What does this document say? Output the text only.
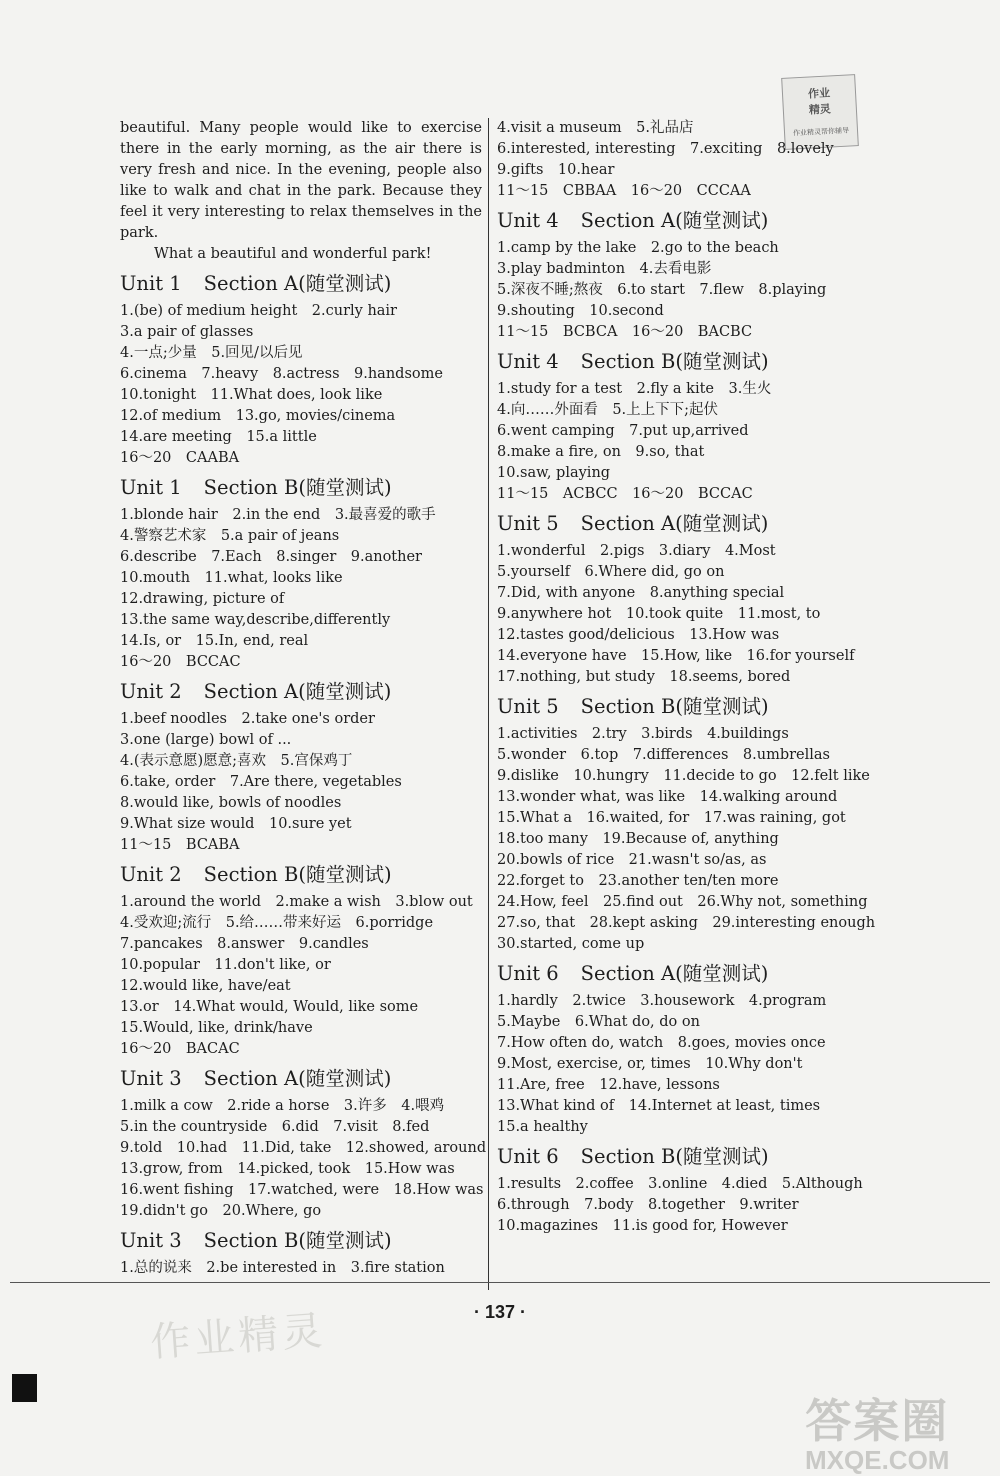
作业
精灵
作业精灵帮你辅导

beautiful. Many people would like to exercise there in the early morning, as the air there is very fresh and nice. In the evening, people also like to walk and chat in the park. Because they feel it very interesting to relax themselves in the park.
What a beautiful and wonderful park!

Unit 1 Section A(随堂测试)

1.(be) of medium height　2.curly hair

3.a pair of glasses

4.一点;少量　5.回见/以后见

6.cinema　7.heavy　8.actress　9.handsome

10.tonight　11.What does, look like

12.of medium　13.go, movies/cinema

14.are meeting　15.a little

16～20　CAABA

Unit 1 Section B(随堂测试)

1.blonde hair　2.in the end　3.最喜爱的歌手

4.警察艺术家　5.a pair of jeans

6.describe　7.Each　8.singer　9.another

10.mouth　11.what, looks like

12.drawing, picture of

13.the same way,describe,differently

14.Is, or　15.In, end, real

16～20　BCCAC

Unit 2 Section A(随堂测试)

1.beef noodles　2.take one's order

3.one (large) bowl of ...

4.(表示意愿)愿意;喜欢　5.宫保鸡丁

6.take, order　7.Are there, vegetables

8.would like, bowls of noodles

9.What size would　10.sure yet

11～15　BCABA

Unit 2 Section B(随堂测试)

1.around the world　2.make a wish　3.blow out

4.受欢迎;流行　5.给……带来好运　6.porridge

7.pancakes　8.answer　9.candles

10.popular　11.don't like, or

12.would like, have/eat

13.or　14.What would, Would, like some

15.Would, like, drink/have

16～20　BACAC

Unit 3 Section A(随堂测试)

1.milk a cow　2.ride a horse　3.许多　4.喂鸡

5.in the countryside　6.did　7.visit　8.fed

9.told　10.had　11.Did, take　12.showed, around

13.grow, from　14.picked, took　15.How was

16.went fishing　17.watched, were　18.How was

19.didn't go　20.Where, go

Unit 3 Section B(随堂测试)

1.总的说来　2.be interested in　3.fire station

4.visit a museum　5.礼品店

6.interested, interesting　7.exciting　8.lovely

9.gifts　10.hear

11～15　CBBAA　16～20　CCCAA

Unit 4 Section A(随堂测试)

1.camp by the lake　2.go to the beach

3.play badminton　4.去看电影

5.深夜不睡;熬夜　6.to start　7.flew　8.playing

9.shouting　10.second

11～15　BCBCA　16～20　BACBC

Unit 4 Section B(随堂测试)

1.study for a test　2.fly a kite　3.生火

4.向……外面看　5.上上下下;起伏

6.went camping　7.put up,arrived

8.make a fire, on　9.so, that

10.saw, playing

11～15　ACBCC　16～20　BCCAC

Unit 5 Section A(随堂测试)

1.wonderful　2.pigs　3.diary　4.Most

5.yourself　6.Where did, go on

7.Did, with anyone　8.anything special

9.anywhere hot　10.took quite　11.most, to

12.tastes good/delicious　13.How was

14.everyone have　15.How, like　16.for yourself

17.nothing, but study　18.seems, bored

Unit 5 Section B(随堂测试)

1.activities　2.try　3.birds　4.buildings

5.wonder　6.top　7.differences　8.umbrellas

9.dislike　10.hungry　11.decide to go　12.felt like

13.wonder what, was like　14.walking around

15.What a　16.waited, for　17.was raining, got

18.too many　19.Because of, anything

20.bowls of rice　21.wasn't so/as, as

22.forget to　23.another ten/ten more

24.How, feel　25.find out　26.Why not, something

27.so, that　28.kept asking　29.interesting enough

30.started, come up

Unit 6 Section A(随堂测试)

1.hardly　2.twice　3.housework　4.program

5.Maybe　6.What do, do on

7.How often do, watch　8.goes, movies once

9.Most, exercise, or, times　10.Why don't

11.Are, free　12.have, lessons

13.What kind of　14.Internet at least, times

15.a healthy

Unit 6 Section B(随堂测试)

1.results　2.coffee　3.online　4.died　5.Although

6.through　7.body　8.together　9.writer

10.magazines　11.is good for, However

· 137 ·
作业精灵
答案圈
MXQE.COM
